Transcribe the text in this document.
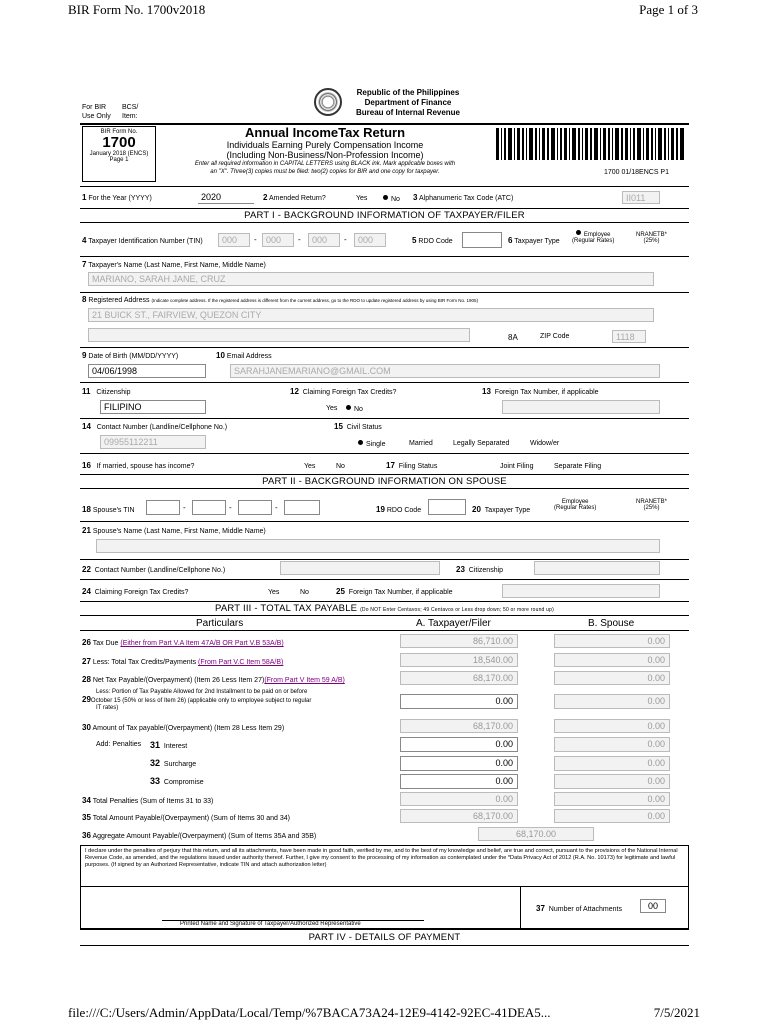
BIR Form No. 1700v2018	Page 1 of 3
For BIR
Use Only
BCS/
Item:
Republic of the Philippines
Department of Finance
Bureau of Internal Revenue
BIR Form No.
1700
January 2018 (ENCS)
Page 1
Annual IncomeTax Return
Individuals Earning Purely Compensation Income
(Including Non-Business/Non-Profession Income)
Enter all required information in CAPITAL LETTERS using BLACK ink. Mark applicable boxes with
an "X". Three(3) copies must be filed: two(2) copies for BIR and one copy for taxpayer.	1700 01/18ENCS P1
1 For the Year (YYYY)	2020	2 Amended Return?	Yes	No 3 Alphanumeric Tax Code (ATC)	II011
PART I - BACKGROUND INFORMATION OF TAXPAYER/FILER
4 Taxpayer Identification Number (TIN)	000	-	000	-	000	-	000	5 RDO Code	6 Taxpayer Type
Employee
(Regular Rates)
NRANETB*
(25%)
7 Taxpayer's Name (Last Name, First Name, Middle Name)
MARIANO, SARAH JANE, CRUZ
8 Registered Address (Indicate complete address. If the registered address is different from the current address, go to the RDO to update registered address by using BIR Form No. 1905)
21 BUICK ST., FAIRVIEW, QUEZON CITY
8A	ZIP Code	1118
9 Date of Birth (MM/DD/YYYY)
04/06/1998
10 Email Address
SARAHJANEMARIANO@GMAIL.COM
11 Citizenship
FILIPINO
12 Claiming Foreign Tax Credits?
Yes	No
13 Foreign Tax Number, if applicable
14 Contact Number (Landline/Cellphone No.)
09955112211
15 Civil Status
Single	Married	Legally Separated	Widow/er
16 If married, spouse has income?	Yes	No	17 Filing Status	Joint Filing	Separate Filing
PART II - BACKGROUND INFORMATION ON SPOUSE
18 Spouse's TIN	-	-	-	19 RDO Code	20 Taxpayer Type
Employee
(Regular Rates)
NRANETB*
(25%)
21 Spouse's Name (Last Name, First Name, Middle Name)
22 Contact Number (Landline/Cellphone No.)	23 Citizenship
24 Claiming Foreign Tax Credits?	Yes	No	25 Foreign Tax Number, if applicable
PART III - TOTAL TAX PAYABLE (Do NOT Enter Centavos; 49 Centavos or Less drop down; 50 or more round up)
Particulars	A. Taxpayer/Filer	B. Spouse
26 Tax Due (Either from Part V.A Item 47A/B OR Part V.B 53A/B)	86,710.00	0.00
27 Less: Total Tax Credits/Payments (From Part V.C Item 58A/B)	18,540.00	0.00
28 Net Tax Payable/(Overpayment) (Item 26 Less Item 27)(From Part V Item 59 A/B)	68,170.00	0.00
Less: Portion of Tax Payable Allowed for 2nd Installment to be paid on or before
29October 15 (50% or less of Item 26) (applicable only to employee subject to regular
IT rates)
0.00	0.00
30 Amount of Tax payable/(Overpayment) (Item 28 Less Item 29)	68,170.00	0.00
Add: Penalties 31 Interest	0.00	0.00
32 Surcharge	0.00	0.00
33 Compromise	0.00	0.00
34 Total Penalties (Sum of Items 31 to 33)	0.00	0.00
35 Total Amount Payable/(Overpayment) (Sum of Items 30 and 34)	68,170.00	0.00
36 Aggregate Amount Payable/(Overpayment) (Sum of Items 35A and 35B)	68,170.00
I declare under the penalties of perjury that this return, and all its attachments, have been made in good faith, verified by me, and to the best of my knowledge and belief, are true and correct, pursuant to the provisions of the National Internal Revenue Code, as amended, and the regulations issued under authority thereof. Further, I give my consent to the processing of my information as contemplated under the *Data Privacy Act of 2012 (R.A. No. 10173) for legitimate and lawful purposes. (If signed by an Authorized Representative, indicate TIN and attach authorization letter)
Printed Name and Signature of Taxpayer/Authorized Representative
37 Number of Attachments	00
PART IV - DETAILS OF PAYMENT
file:///C:/Users/Admin/AppData/Local/Temp/%7BACA73A24-12E9-4142-92EC-41DEA5...	7/5/2021
